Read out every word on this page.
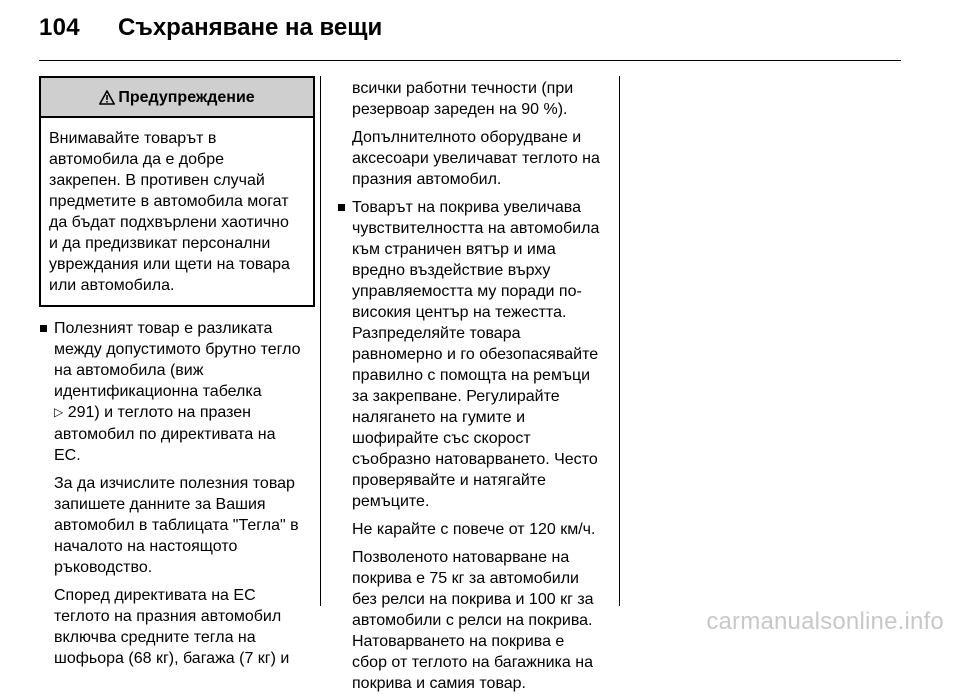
104 Съхраняване на вещи
Предупреждение
Внимавайте товарът в
автомобила да е добре
закрепен. В противен случай
предметите в автомобила могат
да бъдат подхвърлени хаотично
и да предизвикат персонални
увреждания или щети на товара
или автомобила.
Полезният товар е разликата
между допустимото брутно тегло
на автомобила (виж
идентификационна табелка
▷ 291) и теглото на празен
автомобил по директивата на
ЕС.
За да изчислите полезния товар
запишете данните за Вашия
автомобил в таблицата "Тегла" в
началото на настоящото
ръководство.
Според директивата на ЕС
теглото на празния автомобил
включва средните тегла на
шофьора (68 кг), багажа (7 кг) и
всички работни течности (при
резервоар зареден на 90 %).
Допълнителното оборудване и
аксесоари увеличават теглото на
празния автомобил.
Товарът на покрива увеличава
чувствителността на автомобила
към страничен вятър и има
вредно въздействие върху
управляемостта му поради по-
високия център на тежестта.
Разпределяйте товара
равномерно и го обезопасявайте
правилно с помощта на ремъци
за закрепване. Регулирайте
налягането на гумите и
шофирайте със скорост
съобразно натоварването. Често
проверявайте и натягайте
ремъците.
Не карайте с повече от 120 км/ч.
Позволеното натоварване на
покрива е 75 кг за автомобили
без релси на покрива и 100 кг за
автомобили с релси на покрива.
Натоварването на покрива е
сбор от теглото на багажника на
покрива и самия товар.
carmanualsonline.info
